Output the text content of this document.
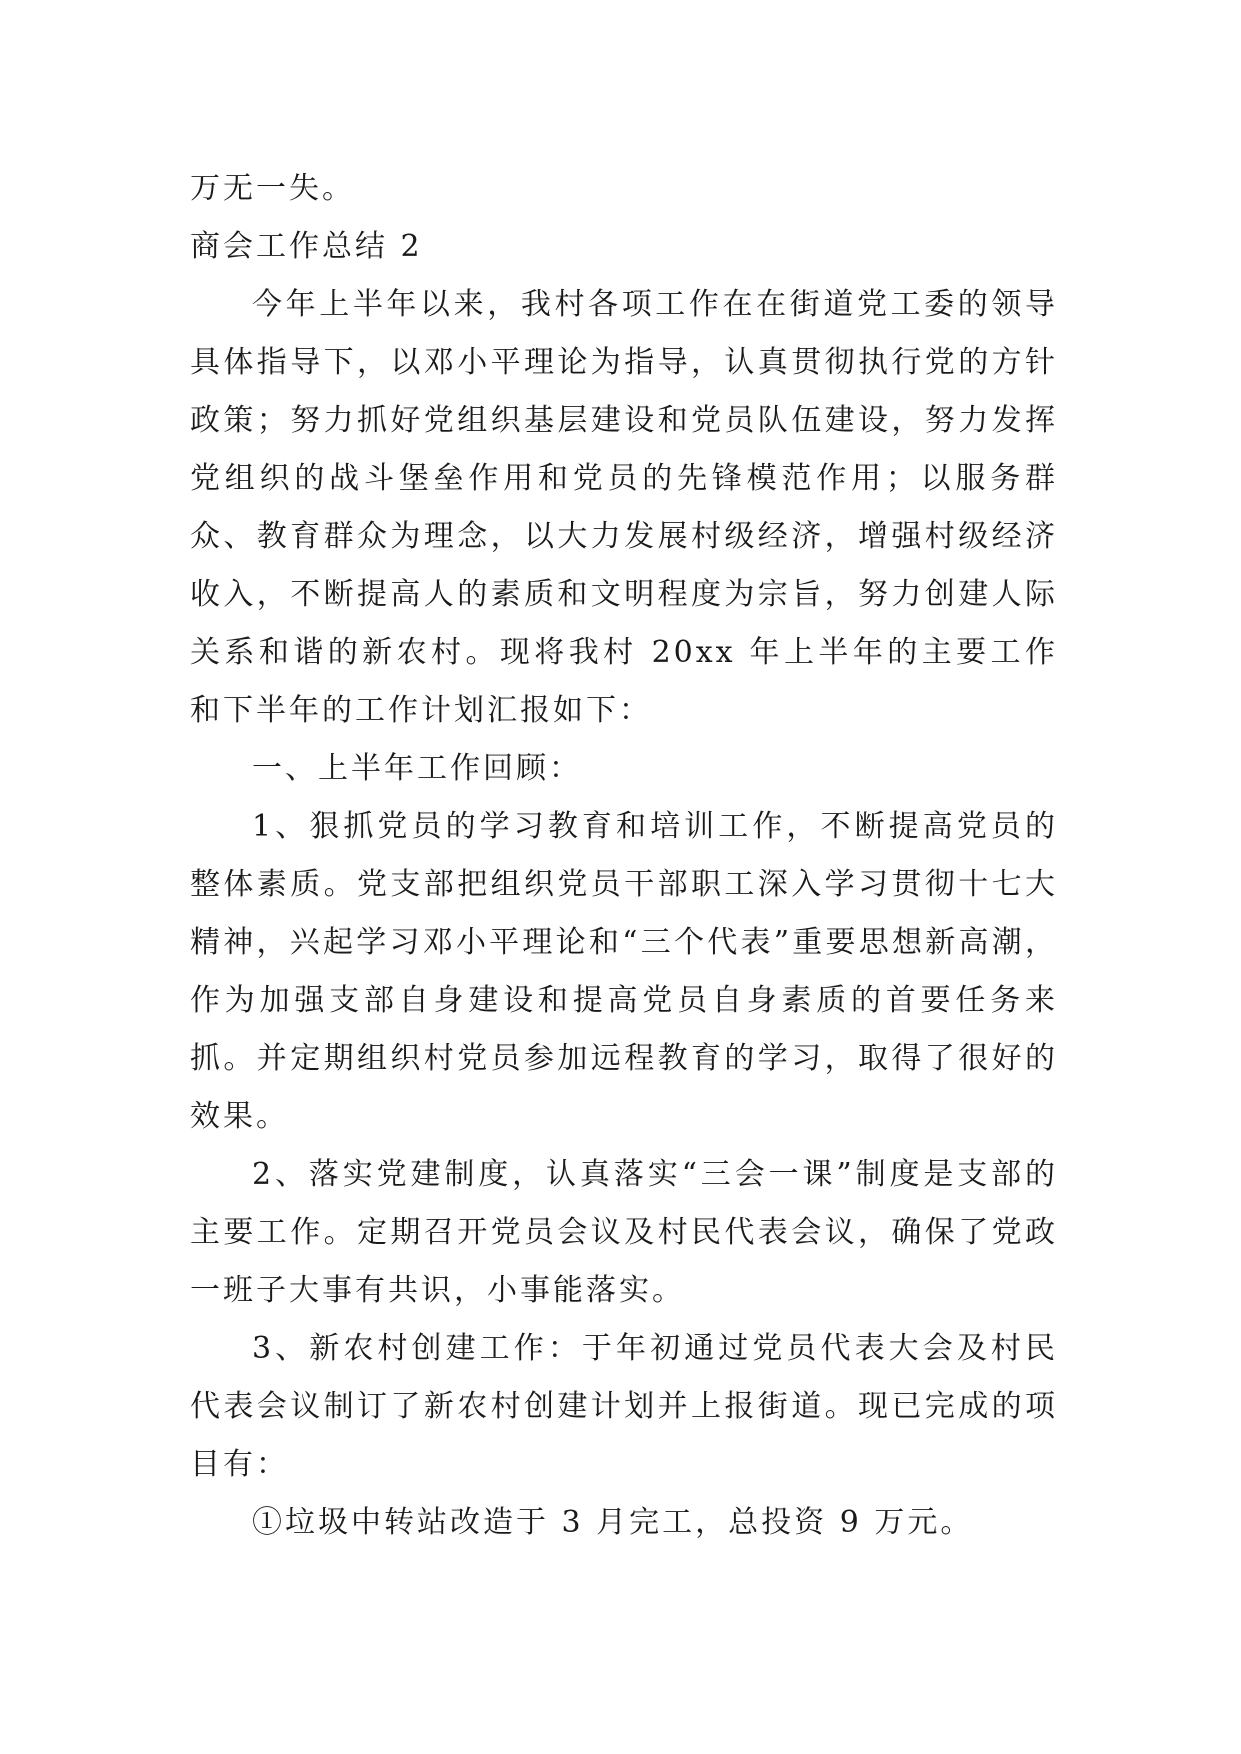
万无一失。

商会工作总结 2

今年上半年以来，我村各项工作在在街道党工委的领导具体指导下，以邓小平理论为指导，认真贯彻执行党的方针政策；努力抓好党组织基层建设和党员队伍建设，努力发挥党组织的战斗堡垒作用和党员的先锋模范作用；以服务群众、教育群众为理念，以大力发展村级经济，增强村级经济收入，不断提高人的素质和文明程度为宗旨，努力创建人际关系和谐的新农村。现将我村 20xx 年上半年的主要工作和下半年的工作计划汇报如下：

一、上半年工作回顾：

1、狠抓党员的学习教育和培训工作，不断提高党员的整体素质。党支部把组织党员干部职工深入学习贯彻十七大精神，兴起学习邓小平理论和“三个代表”重要思想新高潮，作为加强支部自身建设和提高党员自身素质的首要任务来抓。并定期组织村党员参加远程教育的学习，取得了很好的效果。

2、落实党建制度，认真落实“三会一课”制度是支部的主要工作。定期召开党员会议及村民代表会议，确保了党政一班子大事有共识，小事能落实。

3、新农村创建工作：于年初通过党员代表大会及村民代表会议制订了新农村创建计划并上报街道。现已完成的项目有：

①垃圾中转站改造于 3 月完工，总投资 9 万元。
